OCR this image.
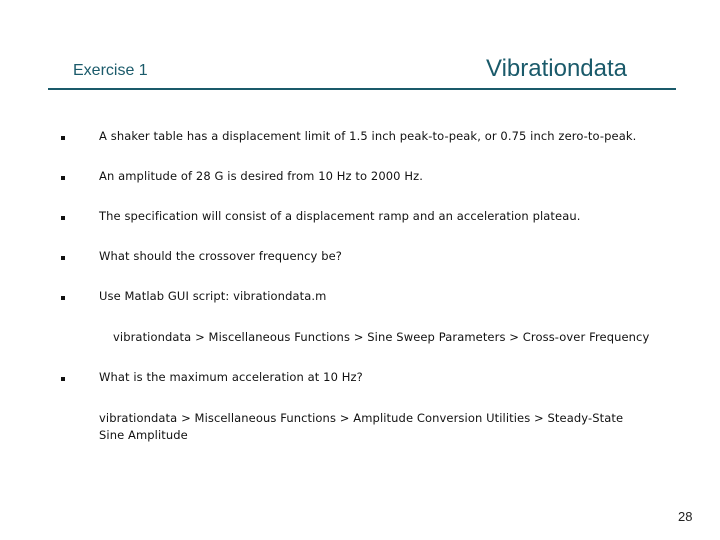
Exercise 1	Vibrationdata
A shaker table has a displacement limit of 1.5 inch peak-to-peak, or 0.75 inch zero-to-peak.
An amplitude of 28 G is desired from 10 Hz to 2000 Hz.
The specification will consist of a displacement ramp and an acceleration plateau.
What should the crossover frequency be?
Use Matlab GUI script: vibrationdata.m
vibrationdata > Miscellaneous Functions > Sine Sweep Parameters > Cross-over Frequency
What is the maximum acceleration at 10 Hz?
vibrationdata > Miscellaneous Functions > Amplitude Conversion Utilities > Steady-State Sine Amplitude
28
